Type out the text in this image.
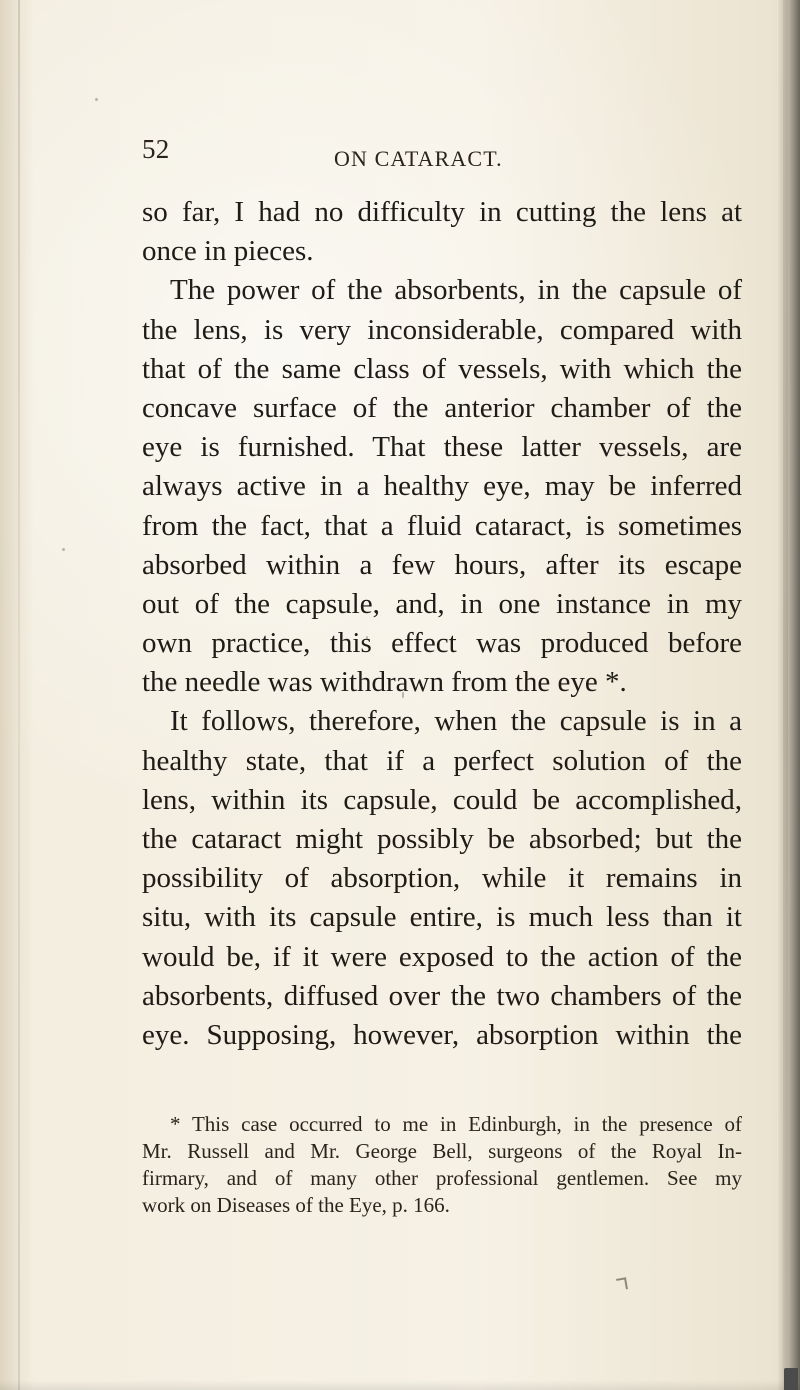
52	ON CATARACT.
so far, I had no difficulty in cutting the lens at
once in pieces.
The power of the absorbents, in the capsule of
the lens, is very inconsiderable, compared with
that of the same class of vessels, with which the
concave surface of the anterior chamber of the
eye is furnished. That these latter vessels, are
always active in a healthy eye, may be inferred
from the fact, that a fluid cataract, is sometimes
absorbed within a few hours, after its escape
out of the capsule, and, in one instance in my
own practice, this effect was produced before
the needle was withdrawn from the eye *.
It follows, therefore, when the capsule is in a
healthy state, that if a perfect solution of the
lens, within its capsule, could be accomplished,
the cataract might possibly be absorbed; but the
possibility of absorption, while it remains in
situ, with its capsule entire, is much less than it
would be, if it were exposed to the action of the
absorbents, diffused over the two chambers of the
eye. Supposing, however, absorption within the
* This case occurred to me in Edinburgh, in the presence of
Mr. Russell and Mr. George Bell, surgeons of the Royal In-
firmary, and of many other professional gentlemen. See my
work on Diseases of the Eye, p. 166.
